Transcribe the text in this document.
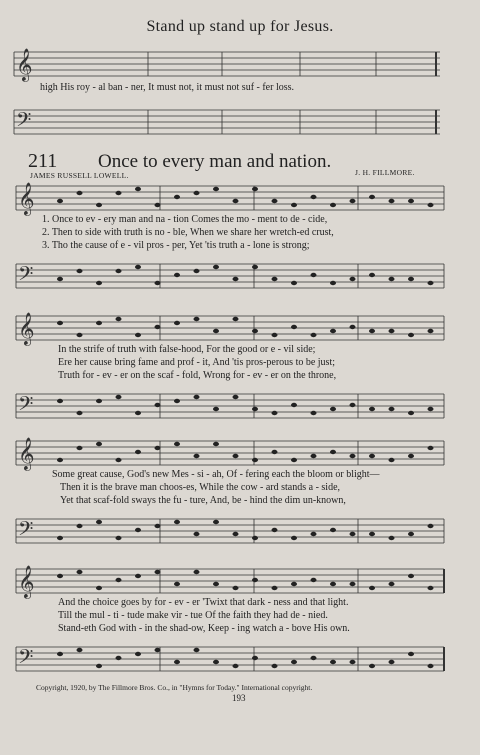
Stand up stand up for Jesus.
𝄞
high His roy - al ban - ner, It must not, it must not suf - fer loss.
𝄢
211 Once to every man and nation.
JAMES RUSSELL LOWELL.	J. H. FILLMORE.
Copyright, 1920, by The Fillmore Bros. Co., in "Hymns for Today." International copyright.
193
𝄞
1. Once to ev - ery man and na - tion Comes the mo - ment to de - cide,
2. Then to side with truth is no - ble, When we share her wretch-ed crust,
3. Tho the cause of e - vil pros - per, Yet 'tis truth a - lone is strong;
𝄢
𝄞
In the strife of truth with false-hood, For the good or e - vil side;
Ere her cause bring fame and prof - it, And 'tis pros-perous to be just;
Truth for - ev - er on the scaf - fold, Wrong for - ev - er on the throne,
𝄢
𝄞
Some great cause, God's new Mes - si - ah, Of - fering each the bloom or blight—
Then it is the brave man choos-es, While the cow - ard stands a - side,
Yet that scaf-fold sways the fu - ture, And, be - hind the dim un-known,
𝄢
𝄞
And the choice goes by for - ev - er 'Twixt that dark - ness and that light.
Till the mul - ti - tude make vir - tue Of the faith they had de - nied.
Stand-eth God with - in the shad-ow, Keep - ing watch a - bove His own.
𝄢
